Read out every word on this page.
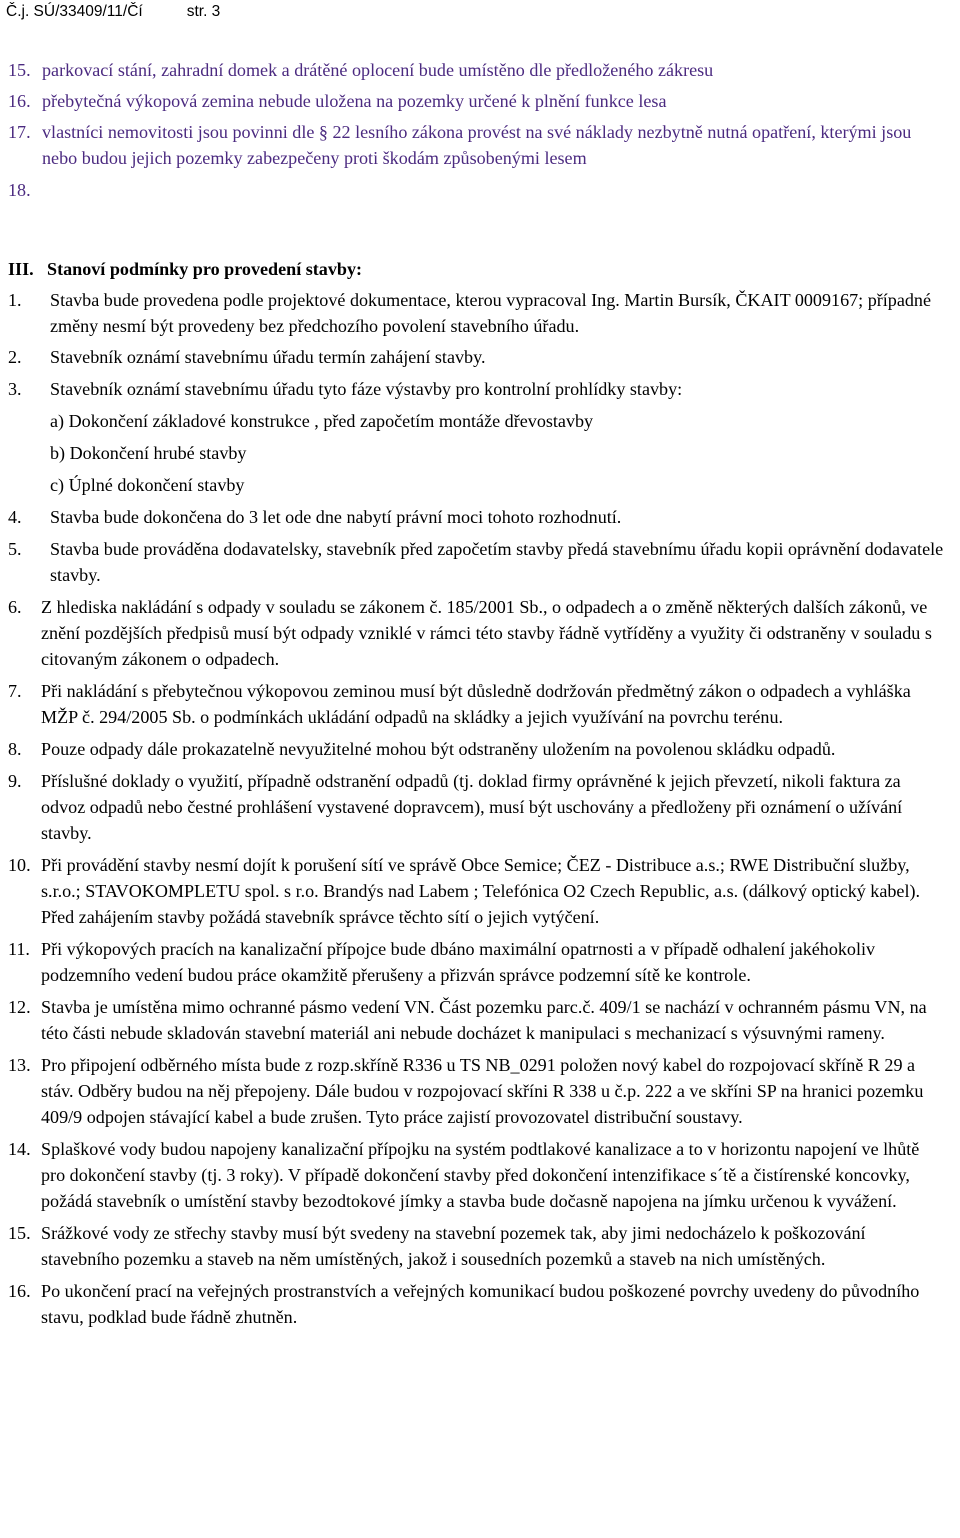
Č.j. SÚ/33409/11/Čí	str. 3
15. parkovací stání, zahradní domek a drátěné oplocení bude umístěno dle předloženého zákresu
16. přebytečná výkopová zemina nebude uložena na pozemky určené k plnění funkce lesa
17. vlastníci nemovitosti jsou povinni dle § 22 lesního zákona provést na své náklady nezbytně nutná opatření, kterými jsou nebo budou jejich pozemky zabezpečeny proti škodám způsobenými lesem
18.
III. Stanoví podmínky pro provedení stavby:
1.	Stavba bude provedena podle projektové dokumentace, kterou vypracoval Ing. Martin Bursík, ČKAIT 0009167; případné změny nesmí být provedeny bez předchozího povolení stavebního úřadu.
2.	Stavebník oznámí stavebnímu úřadu termín zahájení stavby.
3.	Stavebník oznámí stavebnímu úřadu tyto fáze výstavby pro kontrolní prohlídky stavby:
a) Dokončení základové konstrukce , před započetím montáže dřevostavby
b) Dokončení hrubé stavby
c) Úplné dokončení stavby
4.	Stavba bude dokončena do 3 let ode dne nabytí právní moci tohoto rozhodnutí.
5.	Stavba bude prováděna dodavatelsky, stavebník před započetím stavby předá stavebnímu úřadu kopii oprávnění dodavatele stavby.
6.	Z hlediska nakládání s odpady v souladu se zákonem č. 185/2001 Sb., o odpadech a o změně některých dalších zákonů, ve znění pozdějších předpisů musí být odpady vzniklé v rámci této stavby řádně vytříděny a využity či odstraněny v souladu s citovaným zákonem o odpadech.
7.	Při nakládání s přebytečnou výkopovou zeminou musí být důsledně dodržován předmětný zákon o odpadech a vyhláška MŽP č. 294/2005 Sb. o podmínkách ukládání odpadů na skládky a jejich využívání na povrchu terénu.
8.	Pouze odpady dále prokazatelně nevyužitelné mohou být odstraněny uložením na povolenou skládku odpadů.
9.	Příslušné doklady o využití, případně odstranění odpadů (tj. doklad firmy oprávněné k jejich převzetí, nikoli faktura za odvoz odpadů nebo čestné prohlášení vystavené dopravcem), musí být uschovány a předloženy při oznámení o užívání stavby.
10. Při provádění stavby nesmí dojít k porušení sítí ve správě Obce Semice; ČEZ - Distribuce a.s.; RWE Distribuční služby, s.r.o.; STAVOKOMPLETU spol. s r.o. Brandýs nad Labem ; Telefónica O2 Czech Republic, a.s. (dálkový optický kabel). Před zahájením stavby požádá stavebník správce těchto sítí o jejich vytýčení.
11. Při výkopových pracích na kanalizační přípojce bude dbáno maximální opatrnosti a v případě odhalení jakéhokoliv podzemního vedení budou práce okamžitě přerušeny a přizván správce podzemní sítě ke kontrole.
12. Stavba je umístěna mimo ochranné pásmo vedení VN. Část pozemku parc.č. 409/1 se nachází v ochranném pásmu VN, na této části nebude skladován stavební materiál ani nebude docházet k manipulaci s mechanizací s výsuvnými rameny.
13. Pro připojení odběrného místa bude z rozp.skříně R336 u TS NB_0291 položen nový kabel do rozpojovací skříně R 29 a stáv. Odběry budou na něj přepojeny. Dále budou v rozpojovací skříni R 338 u č.p. 222 a ve skříni SP na hranici pozemku 409/9 odpojen stávající kabel a bude zrušen. Tyto práce zajistí provozovatel distribuční soustavy.
14. Splaškové vody budou napojeny kanalizační přípojku na systém podtlakové kanalizace a to v horizontu napojení ve lhůtě pro dokončení stavby (tj. 3 roky). V případě dokončení stavby před dokončení intenzifikace s´tě a čistírenské koncovky, požádá stavebník o umístění stavby bezodtokové jímky a stavba bude dočasně napojena na jímku určenou k vyvážení.
15. Srážkové vody ze střechy stavby musí být svedeny na stavební pozemek tak, aby jimi nedocházelo k poškozování stavebního pozemku a staveb na něm umístěných, jakož i sousedních pozemků a staveb na nich umístěných.
16. Po ukončení prací na veřejných prostranstvích a veřejných komunikací budou poškozené povrchy uvedeny do původního stavu, podklad bude řádně zhutněn.
